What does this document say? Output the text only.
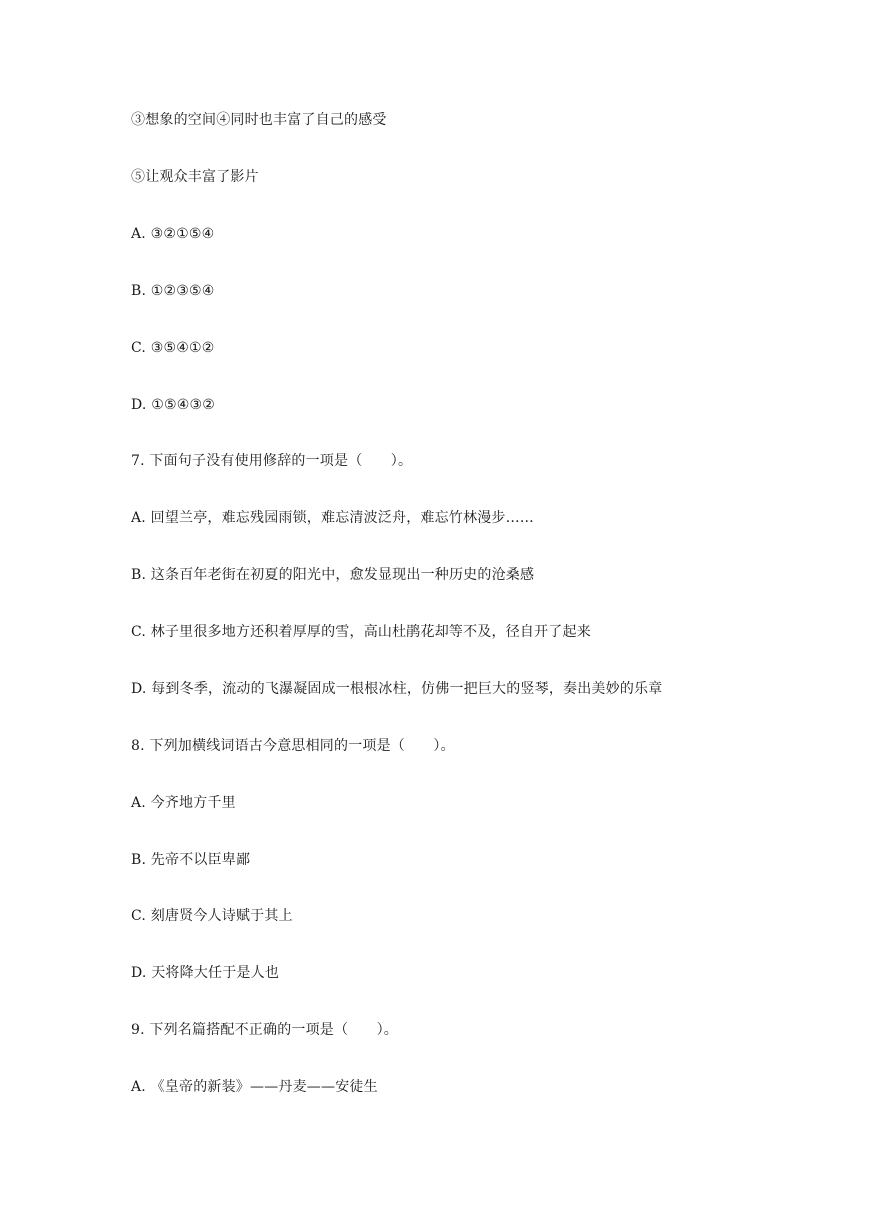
③想象的空间④同时也丰富了自己的感受
⑤让观众丰富了影片
A. ③②①⑤④
B. ①②③⑤④
C. ③⑤④①②
D. ①⑤④③②
7. 下面句子没有使用修辞的一项是（　　）。
A. 回望兰亭，难忘残园雨锁，难忘清波泛舟，难忘竹林漫步……
B. 这条百年老街在初夏的阳光中，愈发显现出一种历史的沧桑感
C. 林子里很多地方还积着厚厚的雪，高山杜鹃花却等不及，径自开了起来
D. 每到冬季，流动的飞瀑凝固成一根根冰柱，仿佛一把巨大的竖琴，奏出美妙的乐章
8. 下列加横线词语古今意思相同的一项是（　　）。
A. 今齐地方千里
B. 先帝不以臣卑鄙
C. 刻唐贤今人诗赋于其上
D. 天将降大任于是人也
9. 下列名篇搭配不正确的一项是（　　）。
A. 《皇帝的新装》——丹麦——安徒生
